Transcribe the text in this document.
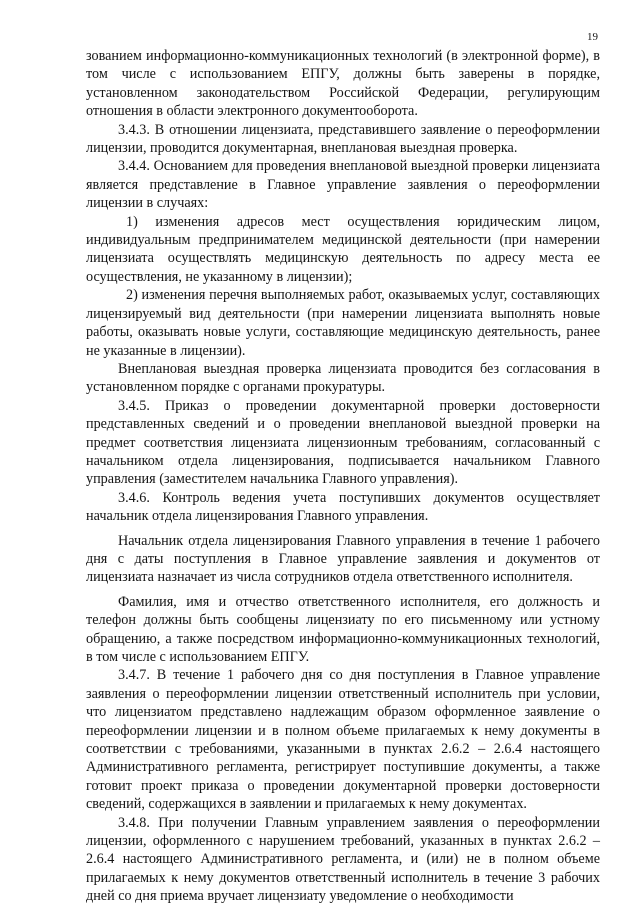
19

зованием информационно-коммуникационных технологий (в электронной форме), в том числе с использованием ЕПГУ, должны быть заверены в порядке, установленном законодательством Российской Федерации, регулирующим отношения в области электронного документооборота.

3.4.3. В отношении лицензиата, представившего заявление о переоформлении лицензии, проводится документарная, внеплановая выездная проверка.

3.4.4. Основанием для проведения внеплановой выездной проверки лицензиата является представление в Главное управление заявления о переоформлении лицензии в случаях:

1) изменения адресов мест осуществления юридическим лицом, индивидуальным предпринимателем медицинской деятельности (при намерении лицензиата осуществлять медицинскую деятельность по адресу места ее осуществления, не указанному в лицензии);

2) изменения перечня выполняемых работ, оказываемых услуг, составляющих лицензируемый вид деятельности (при намерении лицензиата выполнять новые работы, оказывать новые услуги, составляющие медицинскую деятельность, ранее не указанные в лицензии).

Внеплановая выездная проверка лицензиата проводится без согласования в установленном порядке с органами прокуратуры.

3.4.5. Приказ о проведении документарной проверки достоверности представленных сведений и о проведении внеплановой выездной проверки на предмет соответствия лицензиата лицензионным требованиям, согласованный с начальником отдела лицензирования, подписывается начальником Главного управления (заместителем начальника Главного управления).

3.4.6. Контроль ведения учета поступивших документов осуществляет начальник отдела лицензирования Главного управления.

Начальник отдела лицензирования Главного управления в течение 1 рабочего дня с даты поступления в Главное управление заявления и документов от лицензиата назначает из числа сотрудников отдела ответственного исполнителя.

Фамилия, имя и отчество ответственного исполнителя, его должность и телефон должны быть сообщены лицензиату по его письменному или устному обращению, а также посредством информационно-коммуникационных технологий, в том числе с использованием ЕПГУ.

3.4.7. В течение 1 рабочего дня со дня поступления в Главное управление заявления о переоформлении лицензии ответственный исполнитель при условии, что лицензиатом представлено надлежащим образом оформленное заявление о переоформлении лицензии и в полном объеме прилагаемых к нему документы в соответствии с требованиями, указанными в пунктах 2.6.2 – 2.6.4 настоящего Административного регламента, регистрирует поступившие документы, а также готовит проект приказа о проведении документарной проверки достоверности сведений, содержащихся в заявлении и прилагаемых к нему документах.

3.4.8. При получении Главным управлением заявления о переоформлении лицензии, оформленного с нарушением требований, указанных в пунктах 2.6.2 – 2.6.4 настоящего Административного регламента, и (или) не в полном объеме прилагаемых к нему документов ответственный исполнитель в течение 3 рабочих дней со дня приема вручает лицензиату уведомление о необходимости
